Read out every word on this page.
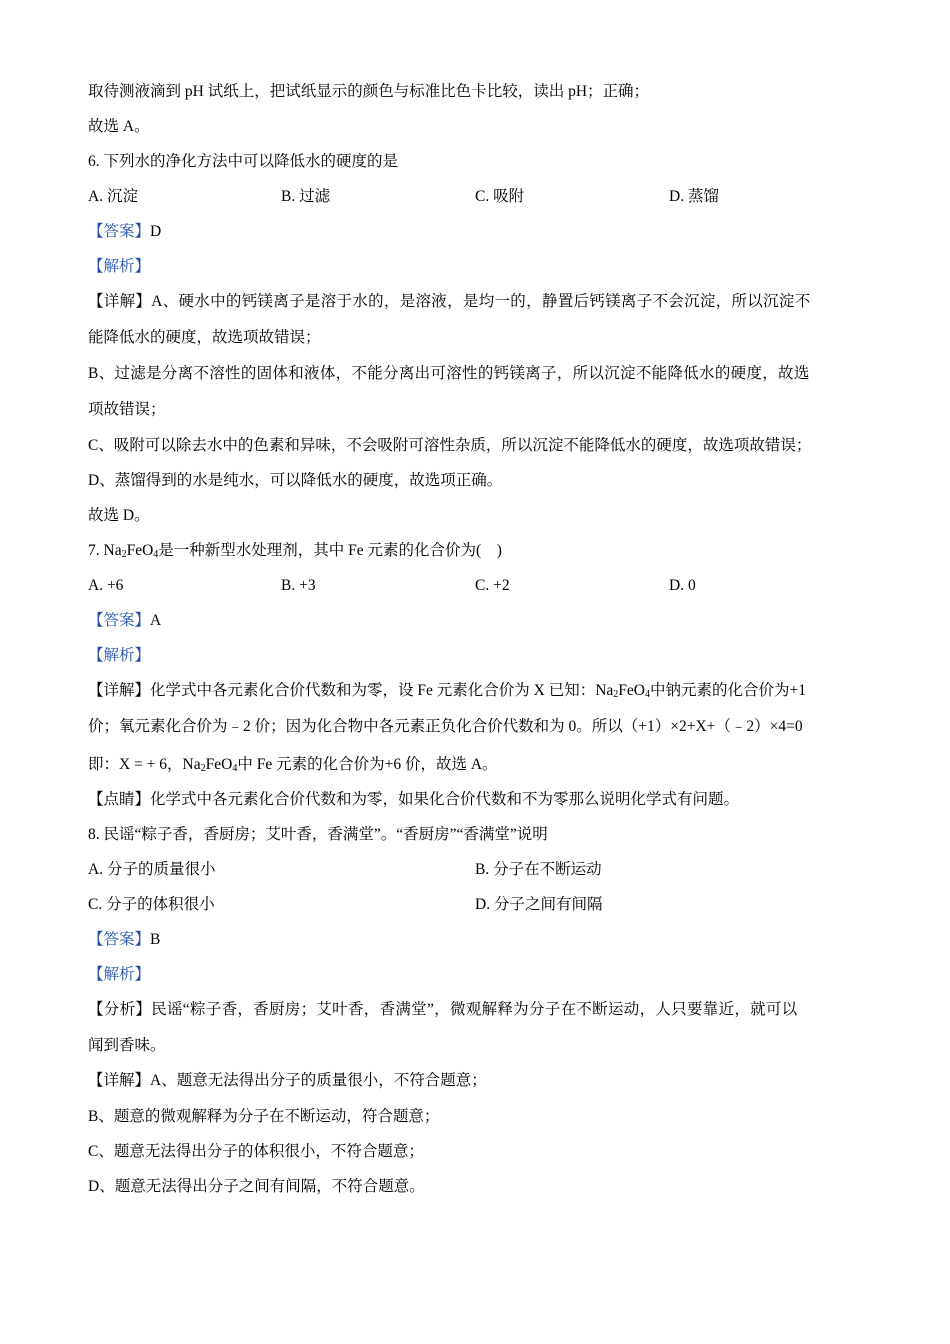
取待测液滴到 pH 试纸上，把试纸显示的颜色与标准比色卡比较，读出 pH；正确；
故选 A。
6. 下列水的净化方法中可以降低水的硬度的是
A. 沉淀	B. 过滤	C. 吸附	D. 蒸馏
【答案】D
【解析】
【详解】A、硬水中的钙镁离子是溶于水的，是溶液，是均一的，静置后钙镁离子不会沉淀，所以沉淀不
能降低水的硬度，故选项故错误；
B、过滤是分离不溶性的固体和液体，不能分离出可溶性的钙镁离子，所以沉淀不能降低水的硬度，故选
项故错误；
C、吸附可以除去水中的色素和异味，不会吸附可溶性杂质，所以沉淀不能降低水的硬度，故选项故错误；
D、蒸馏得到的水是纯水，可以降低水的硬度，故选项正确。
故选 D。
7. $Na_2FeO_4$是一种新型水处理剂，其中 Fe 元素的化合价为(　)
A. +6	B. +3	C. +2	D. 0
【答案】A
【解析】
【详解】化学式中各元素化合价代数和为零，设 Fe 元素化合价为 X 已知：$Na_2FeO_4$中钠元素的化合价为+1
价；氧元素化合价为﹣2 价；因为化合物中各元素正负化合价代数和为 0。所以（+1）×2+X+（﹣2）×4=0
即：X = + 6，$Na_2FeO_4$中 Fe 元素的化合价为+6 价，故选 A。
【点睛】化学式中各元素化合价代数和为零，如果化合价代数和不为零那么说明化学式有问题。
8. 民谣“粽子香，香厨房；艾叶香，香满堂”。“香厨房”“香满堂”说明
A. 分子的质量很小	B. 分子在不断运动
C. 分子的体积很小	D. 分子之间有间隔
【答案】B
【解析】
【分析】民谣“粽子香，香厨房；艾叶香，香满堂”，微观解释为分子在不断运动，人只要靠近，就可以
闻到香味。
【详解】A、题意无法得出分子的质量很小，不符合题意；
B、题意的微观解释为分子在不断运动，符合题意；
C、题意无法得出分子的体积很小，不符合题意；
D、题意无法得出分子之间有间隔，不符合题意。
